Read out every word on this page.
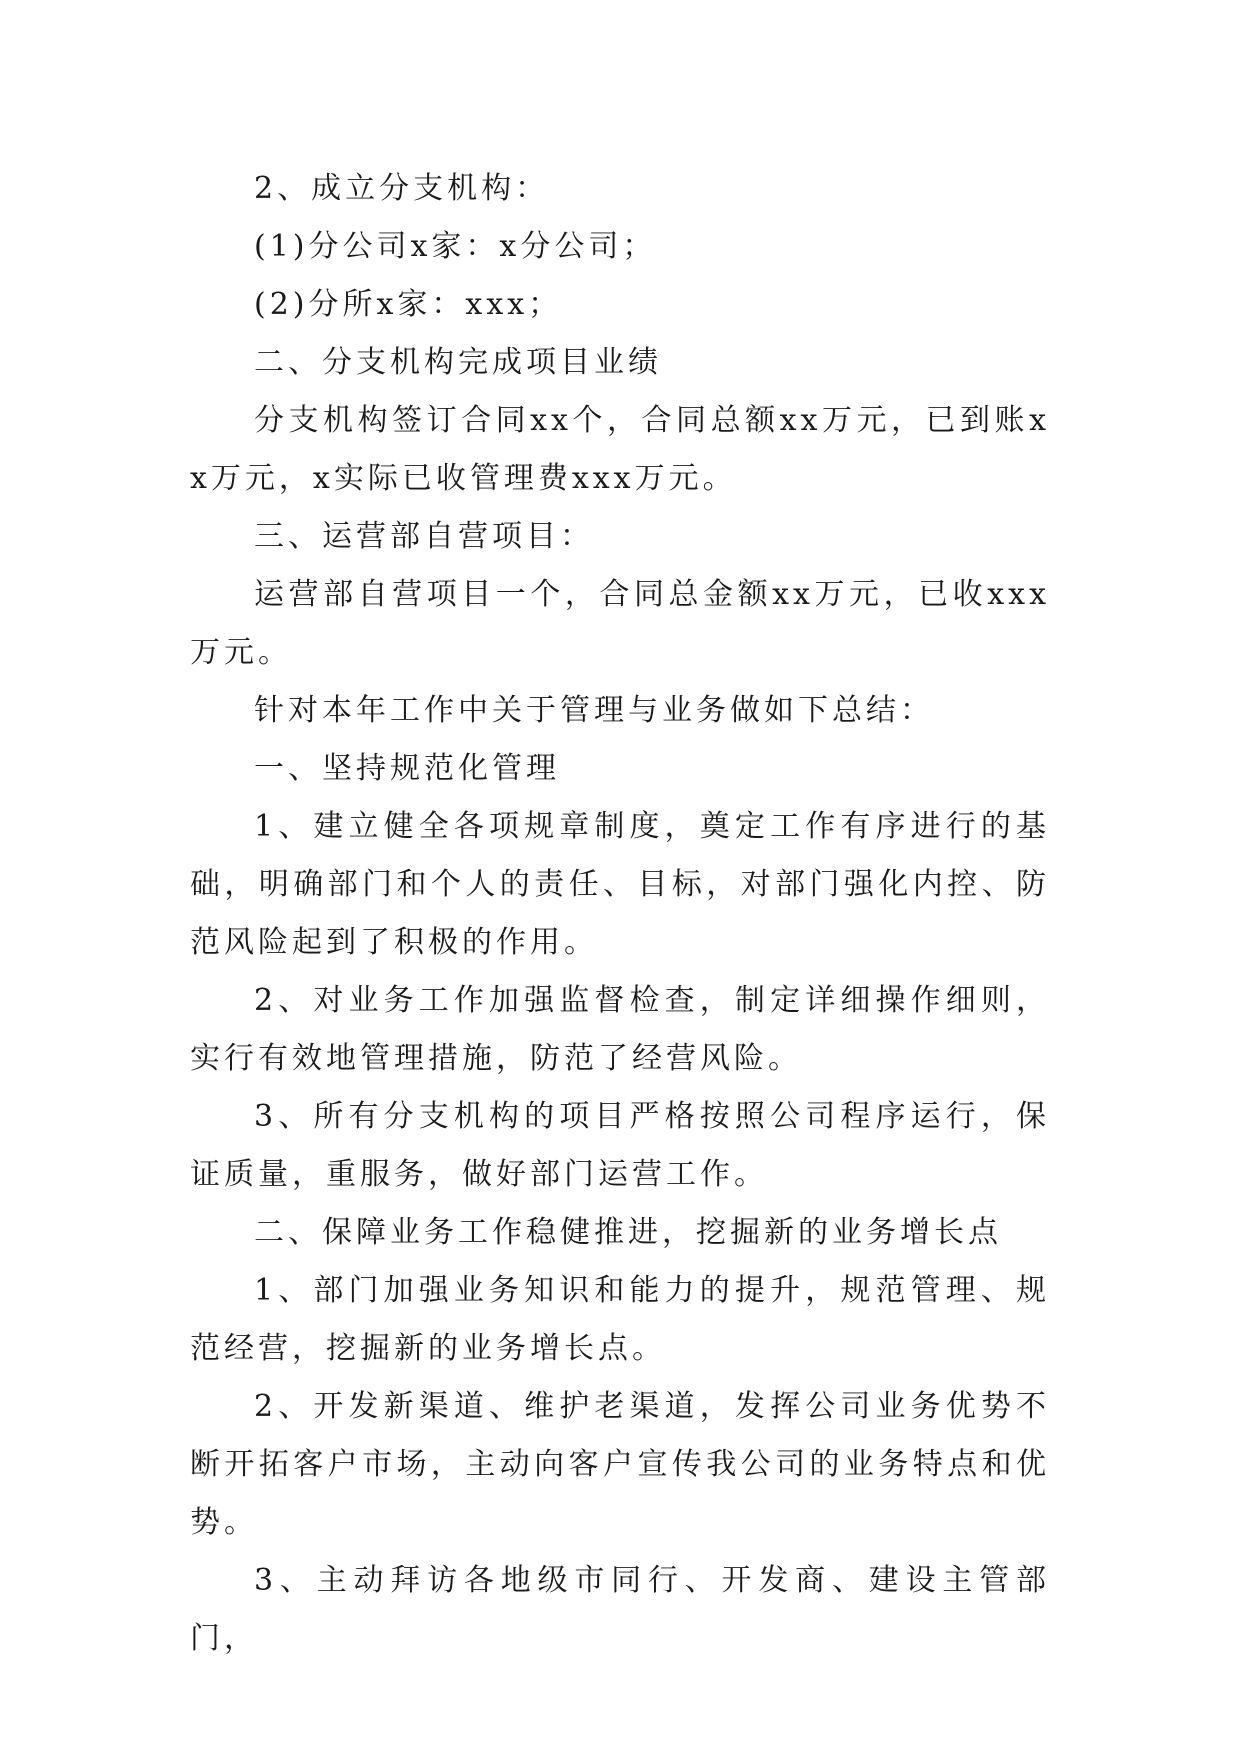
2、成立分支机构：

(1)分公司x家：x分公司；

(2)分所x家：xxx；

二、分支机构完成项目业绩

分支机构签订合同xx个，合同总额xx万元，已到账xx万元，x实际已收管理费xxx万元。

三、运营部自营项目：

运营部自营项目一个，合同总金额xx万元，已收xxx万元。

针对本年工作中关于管理与业务做如下总结：

一、坚持规范化管理

1、建立健全各项规章制度，奠定工作有序进行的基础，明确部门和个人的责任、目标，对部门强化内控、防范风险起到了积极的作用。

2、对业务工作加强监督检查，制定详细操作细则，实行有效地管理措施，防范了经营风险。

3、所有分支机构的项目严格按照公司程序运行，保证质量，重服务，做好部门运营工作。

二、保障业务工作稳健推进，挖掘新的业务增长点

1、部门加强业务知识和能力的提升，规范管理、规范经营，挖掘新的业务增长点。

2、开发新渠道、维护老渠道，发挥公司业务优势不断开拓客户市场，主动向客户宣传我公司的业务特点和优势。

3、主动拜访各地级市同行、开发商、建设主管部门，
